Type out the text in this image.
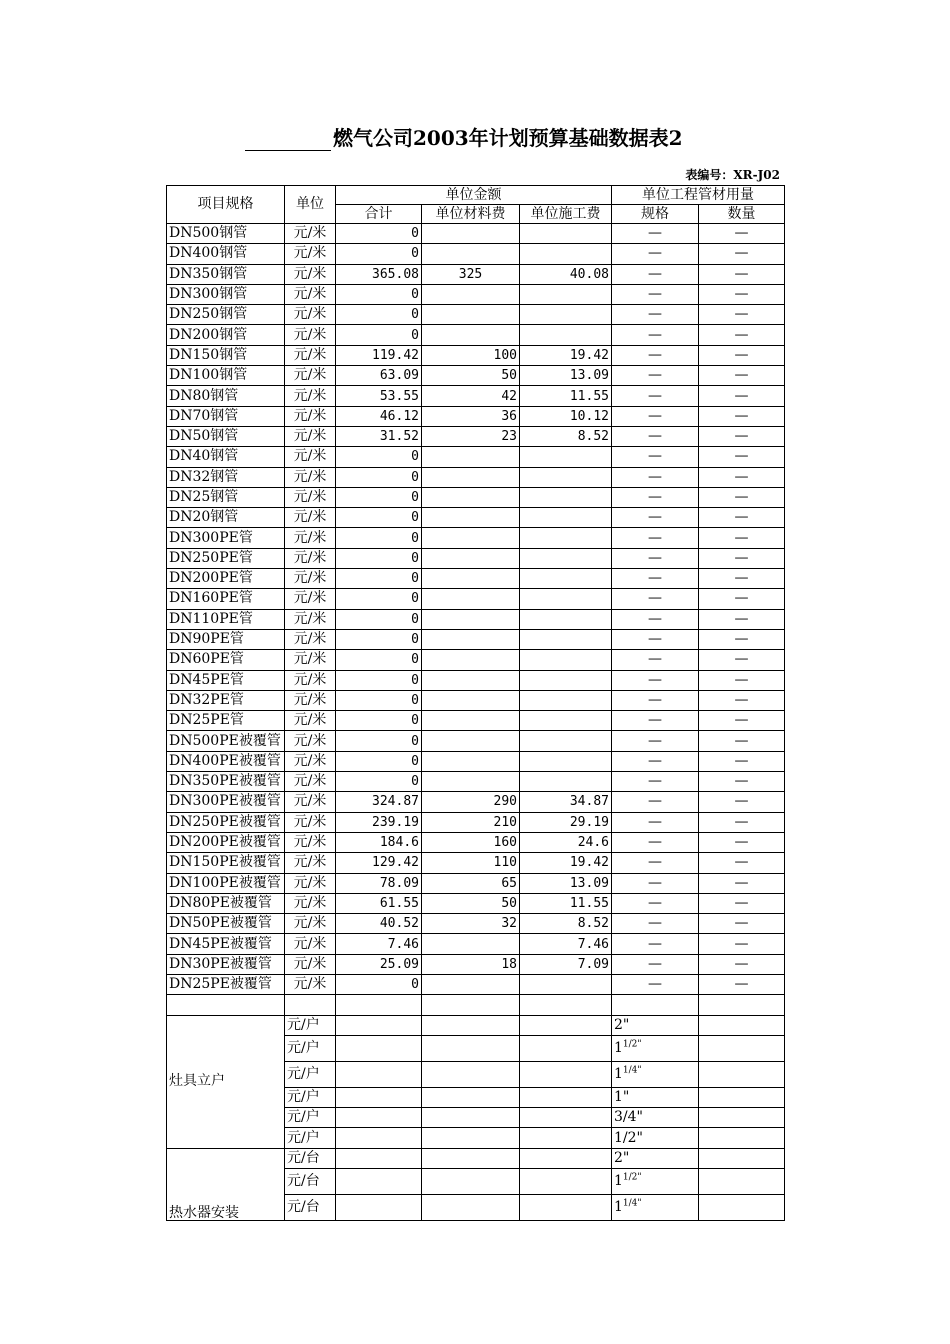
燃气公司2003年计划预算基础数据表2
表编号：XR-J02
项目规格	单位	单位金额			单位工程管材用量	
		合计	单位材料费	单位施工费	规格	数量
DN500钢管	元/米	0			—	—
DN400钢管	元/米	0			—	—
DN350钢管	元/米	365.08	325	40.08	—	—
DN300钢管	元/米	0			—	—
DN250钢管	元/米	0			—	—
DN200钢管	元/米	0			—	—
DN150钢管	元/米	119.42	100	19.42	—	—
DN100钢管	元/米	63.09	50	13.09	—	—
DN80钢管	元/米	53.55	42	11.55	—	—
DN70钢管	元/米	46.12	36	10.12	—	—
DN50钢管	元/米	31.52	23	8.52	—	—
DN40钢管	元/米	0			—	—
DN32钢管	元/米	0			—	—
DN25钢管	元/米	0			—	—
DN20钢管	元/米	0			—	—
DN300PE管	元/米	0			—	—
DN250PE管	元/米	0			—	—
DN200PE管	元/米	0			—	—
DN160PE管	元/米	0			—	—
DN110PE管	元/米	0			—	—
DN90PE管	元/米	0			—	—
DN60PE管	元/米	0			—	—
DN45PE管	元/米	0			—	—
DN32PE管	元/米	0			—	—
DN25PE管	元/米	0			—	—
DN500PE被覆管	元/米	0			—	—
DN400PE被覆管	元/米	0			—	—
DN350PE被覆管	元/米	0			—	—
DN300PE被覆管	元/米	324.87	290	34.87	—	—
DN250PE被覆管	元/米	239.19	210	29.19	—	—
DN200PE被覆管	元/米	184.6	160	24.6	—	—
DN150PE被覆管	元/米	129.42	110	19.42	—	—
DN100PE被覆管	元/米	78.09	65	13.09	—	—
DN80PE被覆管	元/米	61.55	50	11.55	—	—
DN50PE被覆管	元/米	40.52	32	8.52	—	—
DN45PE被覆管	元/米	7.46		7.46	—	—
DN30PE被覆管	元/米	25.09	18	7.09	—	—
DN25PE被覆管	元/米	0			—	—

灶具立户	元/户				2"	
	元/户				$1^{1/2"}$	
	元/户				$1^{1/4"}$	
	元/户				1"	
	元/户				3/4"	
	元/户				1/2"	
热水器安装	元/台				2"	
	元/台				$1^{1/2"}$	
	元/台				$1^{1/4"}$	
